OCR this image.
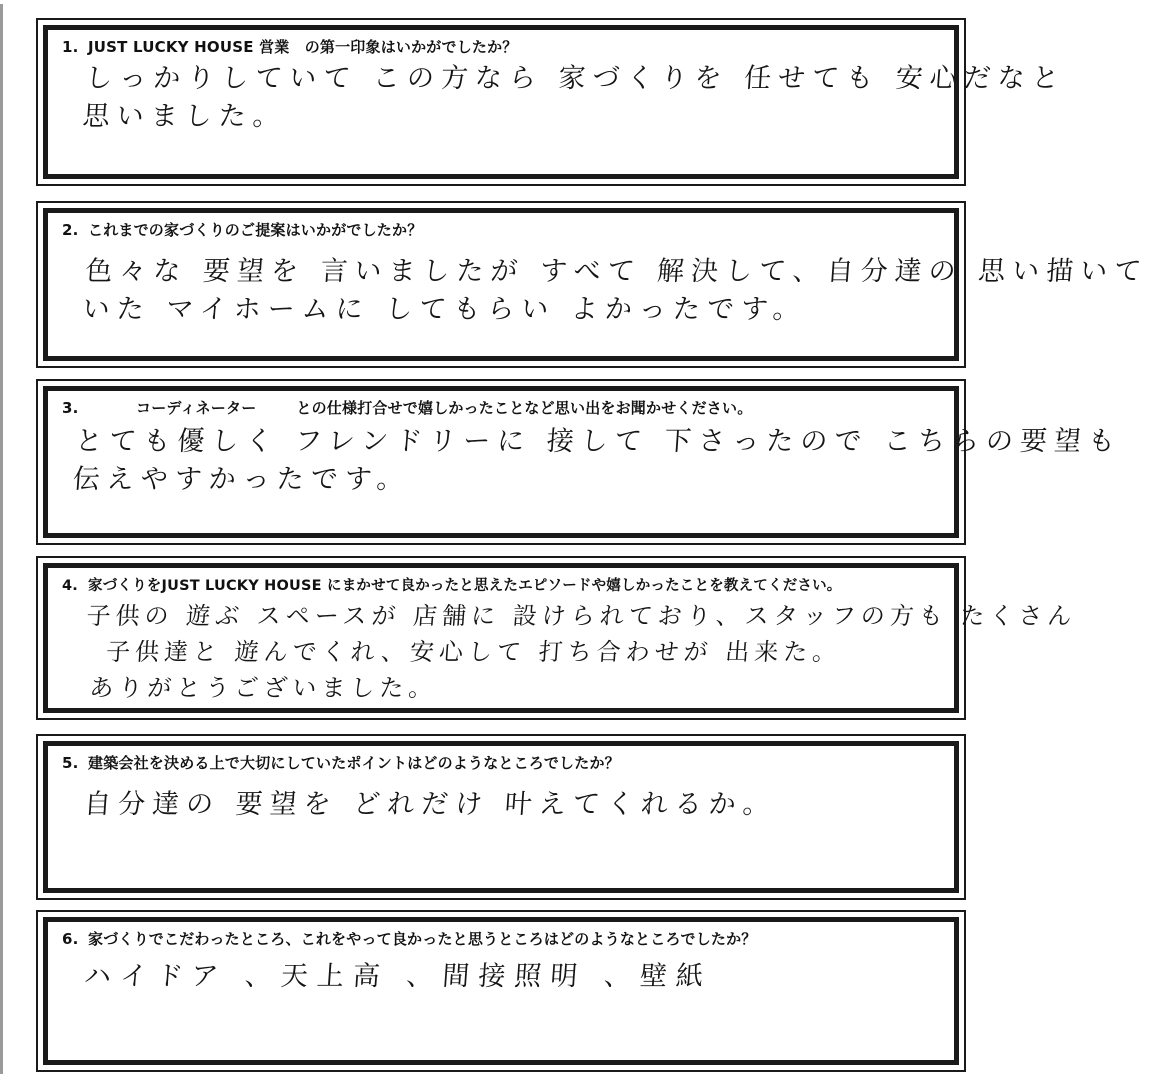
1. JUST LUCKY HOUSE 営業　の第一印象はいかがでしたか？
しっかりしていて この方なら 家づくりを 任せても 安心だなと
思いました。
2. これまでの家づくりのご提案はいかがでしたか？
色々な 要望を 言いましたが すべて 解決して、自分達の 思い描いて
いた マイホームに してもらい よかったです。
3.	コーディネーター	との仕様打合せで嬉しかったことなど思い出をお聞かせください。
とても優しく フレンドリーに 接して 下さったので こちらの要望も
伝えやすかったです。
4. 家づくりをJUST LUCKY HOUSE にまかせて良かったと思えたエピソードや嬉しかったことを教えてください。
子供の 遊ぶ スペースが 店舗に 設けられており、スタッフの方も たくさん
子供達と 遊んでくれ、安心して 打ち合わせが 出来た。
ありがとうございました。
5. 建築会社を決める上で大切にしていたポイントはどのようなところでしたか？
自分達の 要望を どれだけ 叶えてくれるか。
6. 家づくりでこだわったところ、これをやって良かったと思うところはどのようなところでしたか？
ハイドア 、天上高 、間接照明 、壁紙
